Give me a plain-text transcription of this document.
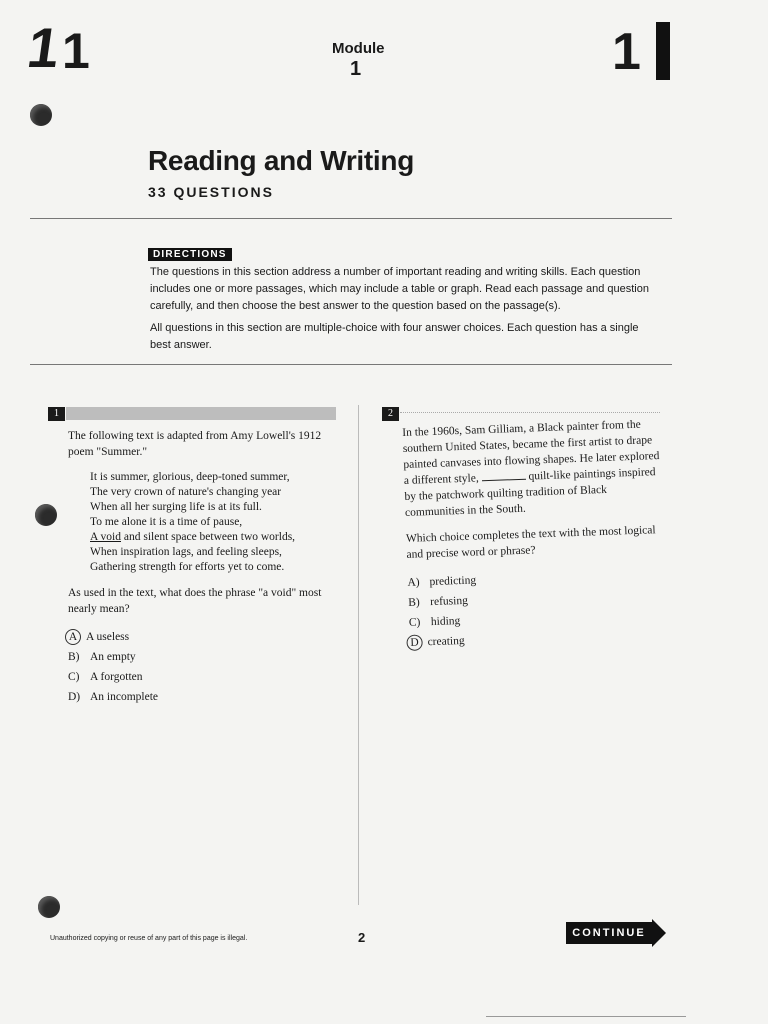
1 1	1
Module
1
Reading and Writing
33 QUESTIONS
DIRECTIONS

The questions in this section address a number of important reading and writing skills. Each question includes one or more passages, which may include a table or graph. Read each passage and question carefully, and then choose the best answer to the question based on the passage(s).

All questions in this section are multiple-choice with four answer choices. Each question has a single best answer.

1

The following text is adapted from Amy Lowell's 1912 poem "Summer."

It is summer, glorious, deep-toned summer,
The very crown of nature's changing year
When all her surging life is at its full.
To me alone it is a time of pause,
A void and silent space between two worlds,
When inspiration lags, and feeling sleeps,
Gathering strength for efforts yet to come.

As used in the text, what does the phrase "a void" most nearly mean?

A A useless
B) An empty
C) A forgotten
D) An incomplete
2

In the 1960s, Sam Gilliam, a Black painter from the southern United States, became the first artist to drape painted canvases into flowing shapes. He later explored a different style,	quilt-like paintings inspired by the patchwork quilting tradition of Black communities in the South.

Which choice completes the text with the most logical and precise word or phrase?

A) predicting
B) refusing
C) hiding
D creating
Unauthorized copying or reuse of any part of this page is illegal.	2	CONTINUE
